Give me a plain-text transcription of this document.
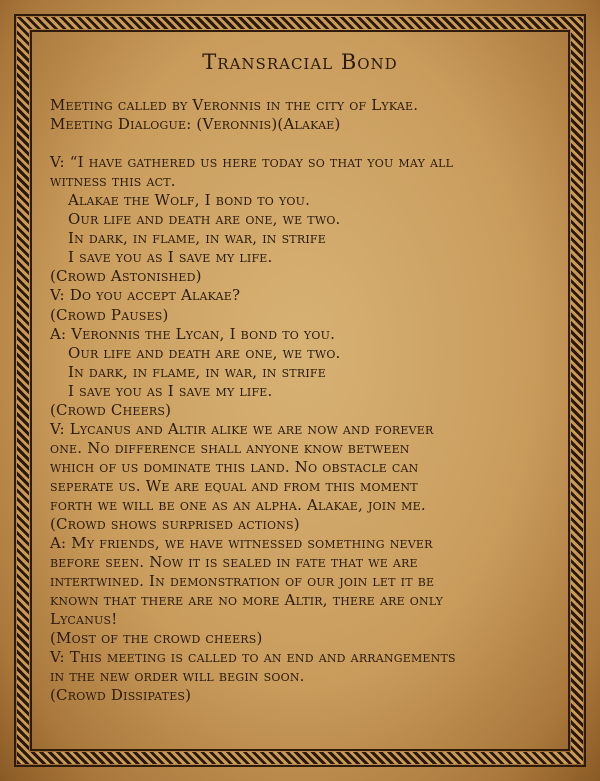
Transracial Bond
Meeting called by Veronnis in the city of Lykae.
Meeting Dialogue: (Veronnis)(Alakae)
V: “I have gathered us here today so that you may all
witness this act.
Alakae the Wolf, I bond to you.
Our life and death are one, we two.
In dark, in flame, in war, in strife
I save you as I save my life.
(Crowd Astonished)
V: Do you accept Alakae?
(Crowd Pauses)
A: Veronnis the Lycan, I bond to you.
Our life and death are one, we two.
In dark, in flame, in war, in strife
I save you as I save my life.
(Crowd Cheers)
V: Lycanus and Altir alike we are now and forever
one. No difference shall anyone know between
which of us dominate this land. No obstacle can
seperate us. We are equal and from this moment
forth we will be one as an alpha. Alakae, join me.
(Crowd shows surprised actions)
A: My friends, we have witnessed something never
before seen. Now it is sealed in fate that we are
intertwined. In demonstration of our join let it be
known that there are no more Altir, there are only
Lycanus!
(Most of the crowd cheers)
V: This meeting is called to an end and arrangements
in the new order will begin soon.
(Crowd Dissipates)
